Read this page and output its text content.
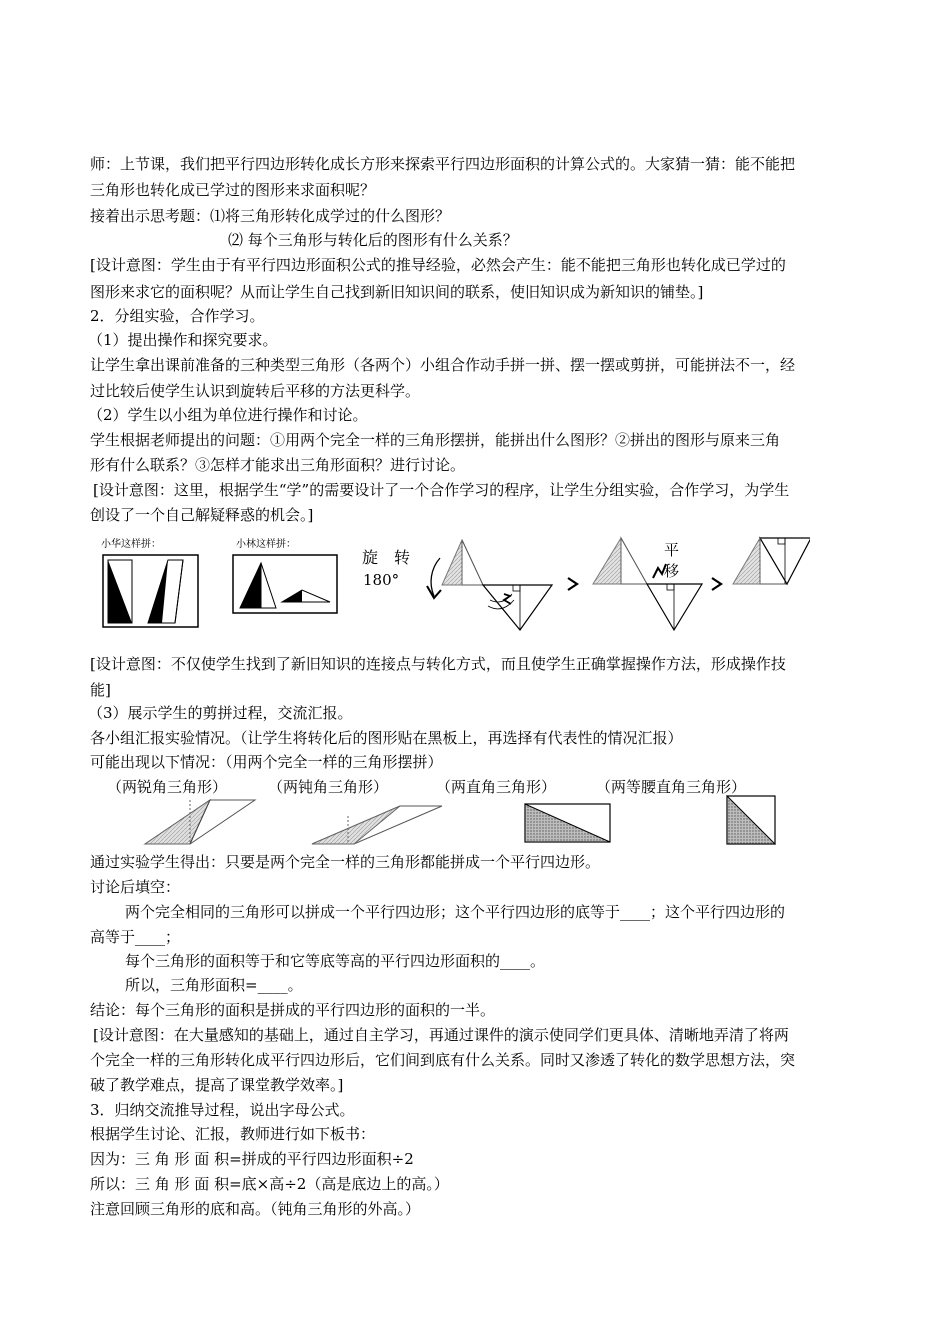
师：上节课，我们把平行四边形转化成长方形来探索平行四边形面积的计算公式的。大家猜一猜：能不能把
三角形也转化成已学过的图形来求面积呢？
接着出示思考题：⑴将三角形转化成学过的什么图形？
⑵ 每个三角形与转化后的图形有什么关系？
[设计意图：学生由于有平行四边形面积公式的推导经验，必然会产生：能不能把三角形也转化成已学过的
图形来求它的面积呢？从而让学生自己找到新旧知识间的联系，使旧知识成为新知识的铺垫。]
2．分组实验，合作学习。
（1）提出操作和探究要求。
让学生拿出课前准备的三种类型三角形（各两个）小组合作动手拼一拼、摆一摆或剪拼，可能拼法不一，经
过比较后使学生认识到旋转后平移的方法更科学。
（2）学生以小组为单位进行操作和讨论。
学生根据老师提出的问题：①用两个完全一样的三角形摆拼，能拼出什么图形？②拼出的图形与原来三角
形有什么联系？③怎样才能求出三角形面积？进行讨论。
[设计意图：这里，根据学生“学”的需要设计了一个合作学习的程序，让学生分组实验，合作学习，为学生
创设了一个自己解疑释惑的机会。]
小华这样拼：	小林这样拼：
旋　转
180°
平
移
[设计意图：不仅使学生找到了新旧知识的连接点与转化方式，而且使学生正确掌握操作方法，形成操作技
能]
（3）展示学生的剪拼过程，交流汇报。
各小组汇报实验情况。（让学生将转化后的图形贴在黑板上，再选择有代表性的情况汇报）
可能出现以下情况：（用两个完全一样的三角形摆拼）
（两锐角三角形）	（两钝角三角形）	（两直角三角形）	（两等腰直角三角形）
通过实验学生得出：只要是两个完全一样的三角形都能拼成一个平行四边形。
讨论后填空：
两个完全相同的三角形可以拼成一个平行四边形；这个平行四边形的底等于____；这个平行四边形的
高等于____；
每个三角形的面积等于和它等底等高的平行四边形面积的____。
所以，三角形面积=____。
结论：每个三角形的面积是拼成的平行四边形的面积的一半。
[设计意图：在大量感知的基础上，通过自主学习，再通过课件的演示使同学们更具体、清晰地弄清了将两
个完全一样的三角形转化成平行四边形后，它们间到底有什么关系。同时又渗透了转化的数学思想方法，突
破了教学难点，提高了课堂教学效率。]
3．归纳交流推导过程，说出字母公式。
根据学生讨论、汇报，教师进行如下板书：
因为：三 角 形 面 积=拼成的平行四边形面积÷2
所以：三 角 形 面 积=底×高÷2（高是底边上的高。）
注意回顾三角形的底和高。（钝角三角形的外高。）
